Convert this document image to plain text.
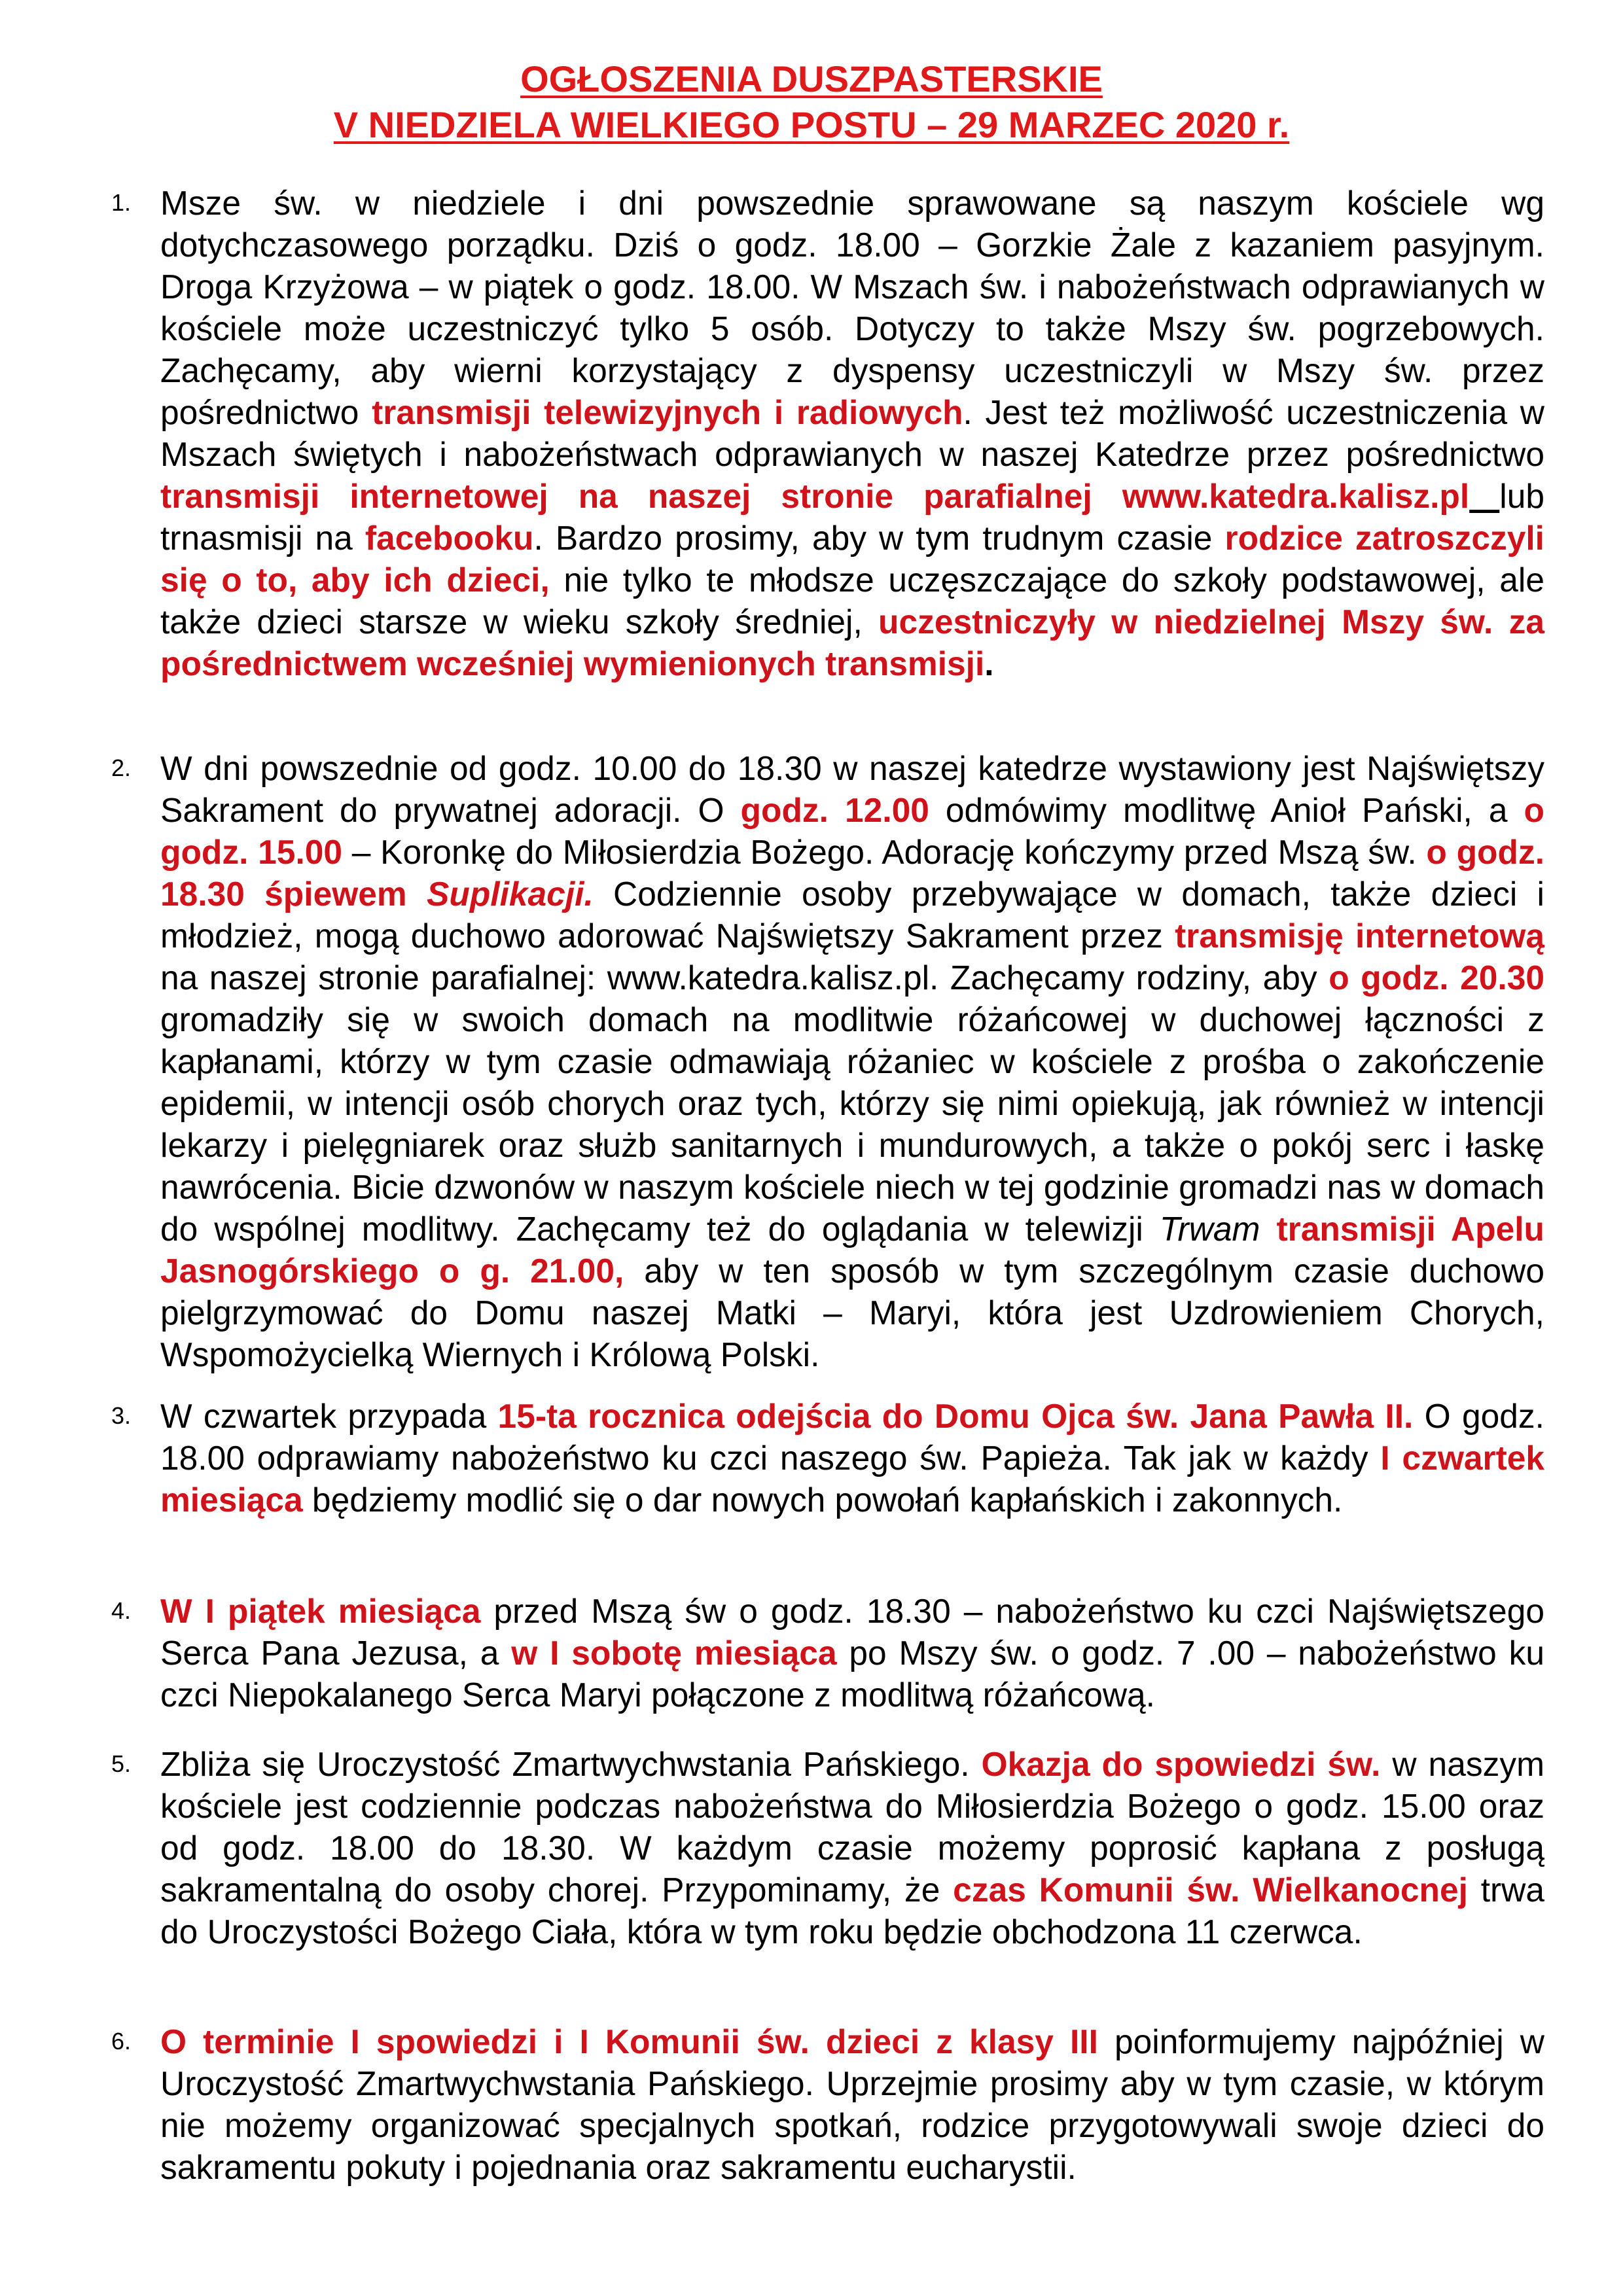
OGŁOSZENIA DUSZPASTERSKIE
V NIEDZIELA WIELKIEGO POSTU – 29 MARZEC 2020 r.
1. Msze św. w niedziele i dni powszednie sprawowane są naszym kościele wg dotychczasowego porządku. Dziś o godz. 18.00 – Gorzkie Żale z kazaniem pasyjnym. Droga Krzyżowa – w piątek o godz. 18.00. W Mszach św. i nabożeństwach odprawianych w kościele może uczestniczyć tylko 5 osób. Dotyczy to także Mszy św. pogrzebowych. Zachęcamy, aby wierni korzystający z dyspensy uczestniczyli w Mszy św. przez pośrednictwo transmisji telewizyjnych i radiowych. Jest też możliwość uczestniczenia w Mszach świętych i nabożeństwach odprawianych w naszej Katedrze przez pośrednictwo transmisji internetowej na naszej stronie parafialnej www.katedra.kalisz.pl lub trnasmisji na facebooku. Bardzo prosimy, aby w tym trudnym czasie rodzice zatroszczyli się o to, aby ich dzieci, nie tylko te młodsze uczęszczające do szkoły podstawowej, ale także dzieci starsze w wieku szkoły średniej, uczestniczyły w niedzielnej Mszy św. za pośrednictwem wcześniej wymienionych transmisji.
2. W dni powszednie od godz. 10.00 do 18.30 w naszej katedrze wystawiony jest Najświętszy Sakrament do prywatnej adoracji. O godz. 12.00 odmówimy modlitwę Anioł Pański, a o godz. 15.00 – Koronkę do Miłosierdzia Bożego. Adorację kończymy przed Mszą św. o godz. 18.30 śpiewem Suplikacji. Codziennie osoby przebywające w domach, także dzieci i młodzież, mogą duchowo adorować Najświętszy Sakrament przez transmisję internetową na naszej stronie parafialnej: www.katedra.kalisz.pl. Zachęcamy rodziny, aby o godz. 20.30 gromadziły się w swoich domach na modlitwie różańcowej w duchowej łączności z kapłanami, którzy w tym czasie odmawiają różaniec w kościele z prośba o zakończenie epidemii, w intencji osób chorych oraz tych, którzy się nimi opiekują, jak również w intencji lekarzy i pielęgniarek oraz służb sanitarnych i mundurowych, a także o pokój serc i łaskę nawrócenia. Bicie dzwonów w naszym kościele niech w tej godzinie gromadzi nas w domach do wspólnej modlitwy. Zachęcamy też do oglądania w telewizji Trwam transmisji Apelu Jasnogórskiego o g. 21.00, aby w ten sposób w tym szczególnym czasie duchowo pielgrzymować do Domu naszej Matki – Maryi, która jest Uzdrowieniem Chorych, Wspomożycielką Wiernych i Królową Polski.
3. W czwartek przypada 15-ta rocznica odejścia do Domu Ojca św. Jana Pawła II. O godz. 18.00 odprawiamy nabożeństwo ku czci naszego św. Papieża. Tak jak w każdy I czwartek miesiąca będziemy modlić się o dar nowych powołań kapłańskich i zakonnych.
4. W I piątek miesiąca przed Mszą św o godz. 18.30 – nabożeństwo ku czci Najświętszego Serca Pana Jezusa, a w I sobotę miesiąca po Mszy św. o godz. 7 .00 – nabożeństwo ku czci Niepokalanego Serca Maryi połączone z modlitwą różańcową.
5. Zbliża się Uroczystość Zmartwychwstania Pańskiego. Okazja do spowiedzi św. w naszym kościele jest codziennie podczas nabożeństwa do Miłosierdzia Bożego o godz. 15.00 oraz od godz. 18.00 do 18.30. W każdym czasie możemy poprosić kapłana z posługą sakramentalną do osoby chorej. Przypominamy, że czas Komunii św. Wielkanocnej trwa do Uroczystości Bożego Ciała, która w tym roku będzie obchodzona 11 czerwca.
6. O terminie I spowiedzi i I Komunii św. dzieci z klasy III poinformujemy najpóźniej w Uroczystość Zmartwychwstania Pańskiego. Uprzejmie prosimy aby w tym czasie, w którym nie możemy organizować specjalnych spotkań, rodzice przygotowywali swoje dzieci do sakramentu pokuty i pojednania oraz sakramentu eucharystii.
